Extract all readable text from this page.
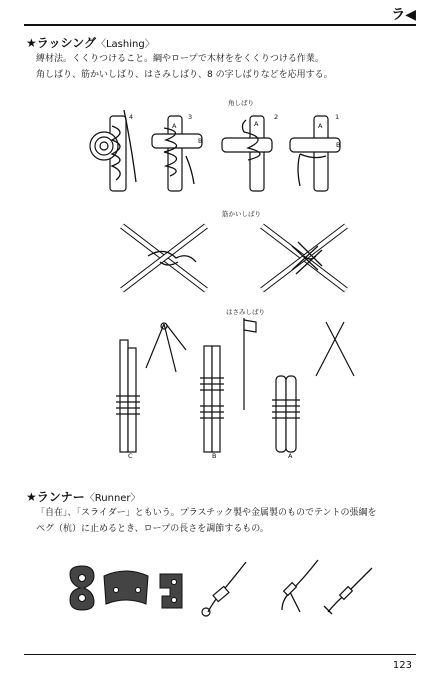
ラ◀
★ラッシング〈Lashing〉
縛材法。くくりつけること。綱やロープで木材ををくくりつける作業。
角しばり、筋かいしばり、はさみしばり、8 の字しばりなどを応用する。
角しばり
4	3	2	1
A
B
A	A
B
筋かいしばり
はさみしばり
C	B	A
★ランナー〈Runner〉
「自在」、「スライダー」ともいう。プラスチック製や金属製のものでテントの張綱を
ペグ（杭）に止めるとき、ロープの長さを調節するもの。
123
